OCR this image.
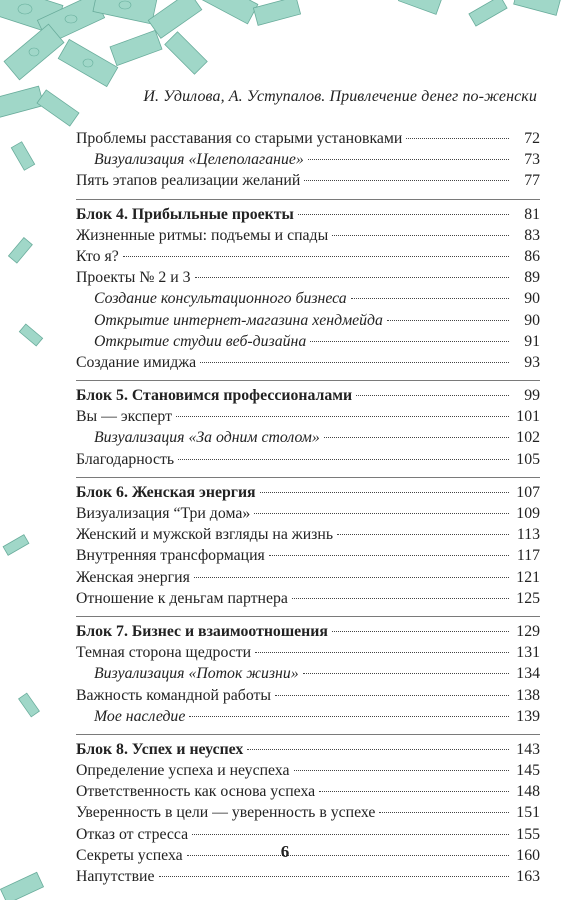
И. Удилова, А. Уступалов. Привлечение денег по-женски
Проблемы расставания со старыми установками	72
Визуализация «Целеполагание»	73
Пять этапов реализации желаний	77
Блок 4. Прибыльные проекты	81
Жизненные ритмы: подъемы и спады	83
Кто я?	86
Проекты № 2 и 3	89
Создание консультационного бизнеса	90
Открытие интернет-магазина хендмейда	90
Открытие студии веб-дизайна	91
Создание имиджа	93
Блок 5. Становимся профессионалами	99
Вы — эксперт	101
Визуализация «За одним столом»	102
Благодарность	105
Блок 6. Женская энергия	107
Визуализация “Три дома»	109
Женский и мужской взгляды на жизнь	113
Внутренняя трансформация	117
Женская энергия	121
Отношение к деньгам партнера	125
Блок 7. Бизнес и взаимоотношения	129
Темная сторона щедрости	131
Визуализация «Поток жизни»	134
Важность командной работы	138
Мое наследие	139
Блок 8. Успех и неуспех	143
Определение успеха и неуспеха	145
Ответственность как основа успеха	148
Уверенность в цели — уверенность в успехе	151
Отказ от стресса	155
Секреты успеха	160
Напутствие	163
6
